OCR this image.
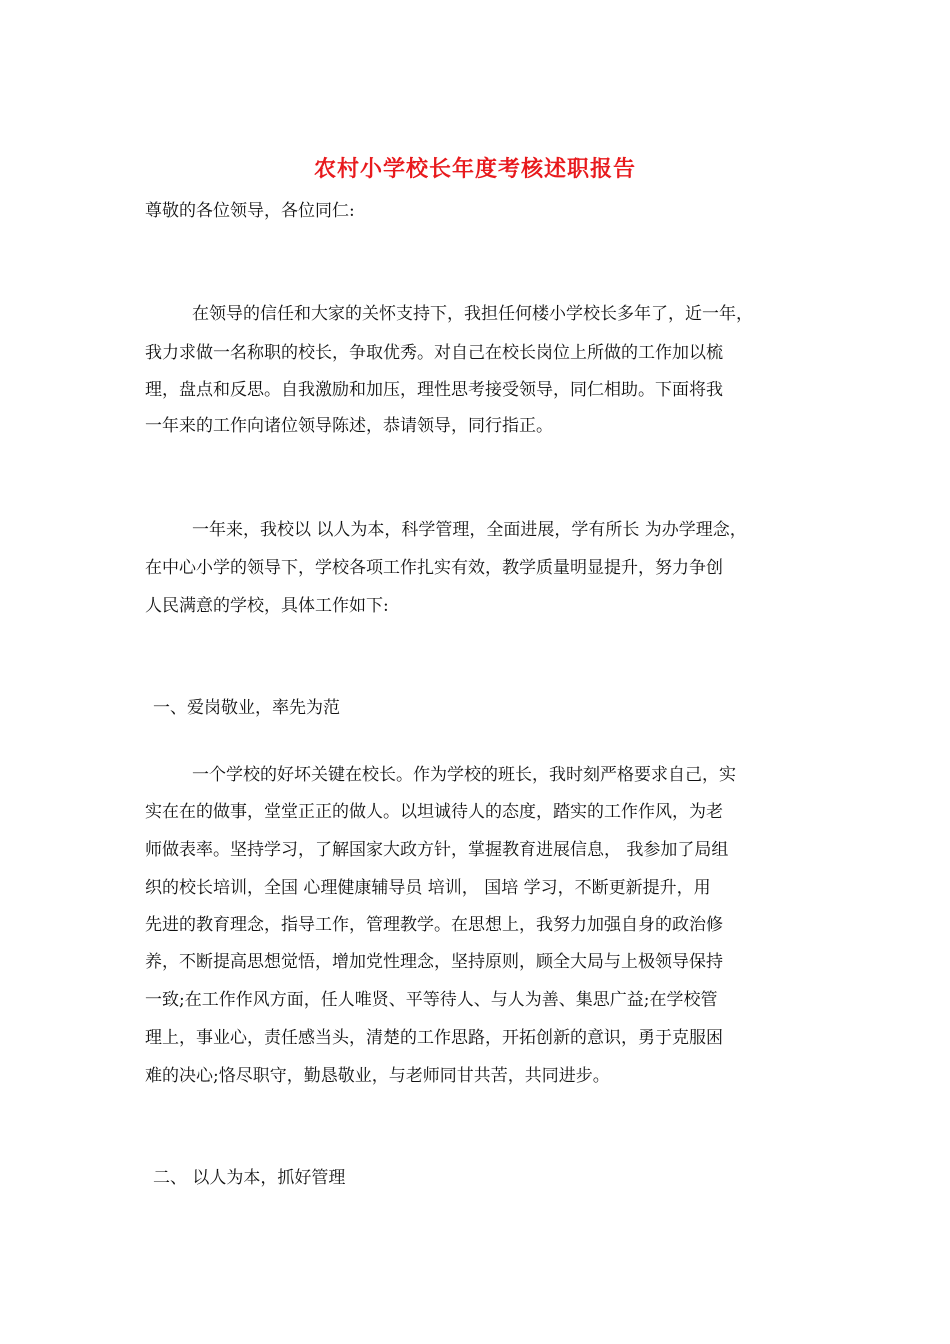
农村小学校长年度考核述职报告
尊敬的各位领导，各位同仁:
在领导的信任和大家的关怀支持下，我担任何楼小学校长多年了，近一年，
我力求做一名称职的校长，争取优秀。对自己在校长岗位上所做的工作加以梳
理，盘点和反思。自我激励和加压，理性思考接受领导，同仁相助。下面将我
一年来的工作向诸位领导陈述，恭请领导，同行指正。
一年来，我校以 以人为本，科学管理，全面进展，学有所长 为办学理念，
在中心小学的领导下，学校各项工作扎实有效，教学质量明显提升，努力争创
人民满意的学校，具体工作如下:
一、爱岗敬业，率先为范
一个学校的好坏关键在校长。作为学校的班长，我时刻严格要求自己，实
实在在的做事，堂堂正正的做人。以坦诚待人的态度，踏实的工作作风，为老
师做表率。坚持学习，了解国家大政方针，掌握教育进展信息， 我参加了局组
织的校长培训，全国 心理健康辅导员 培训， 国培 学习，不断更新提升，用
先进的教育理念，指导工作，管理教学。在思想上，我努力加强自身的政治修
养，不断提高思想觉悟，增加党性理念，坚持原则，顾全大局与上极领导保持
一致;在工作作风方面，任人唯贤、平等待人、与人为善、集思广益;在学校管
理上，事业心，责任感当头，清楚的工作思路，开拓创新的意识，勇于克服困
难的决心;恪尽职守，勤恳敬业，与老师同甘共苦，共同进步。
二、 以人为本，抓好管理
